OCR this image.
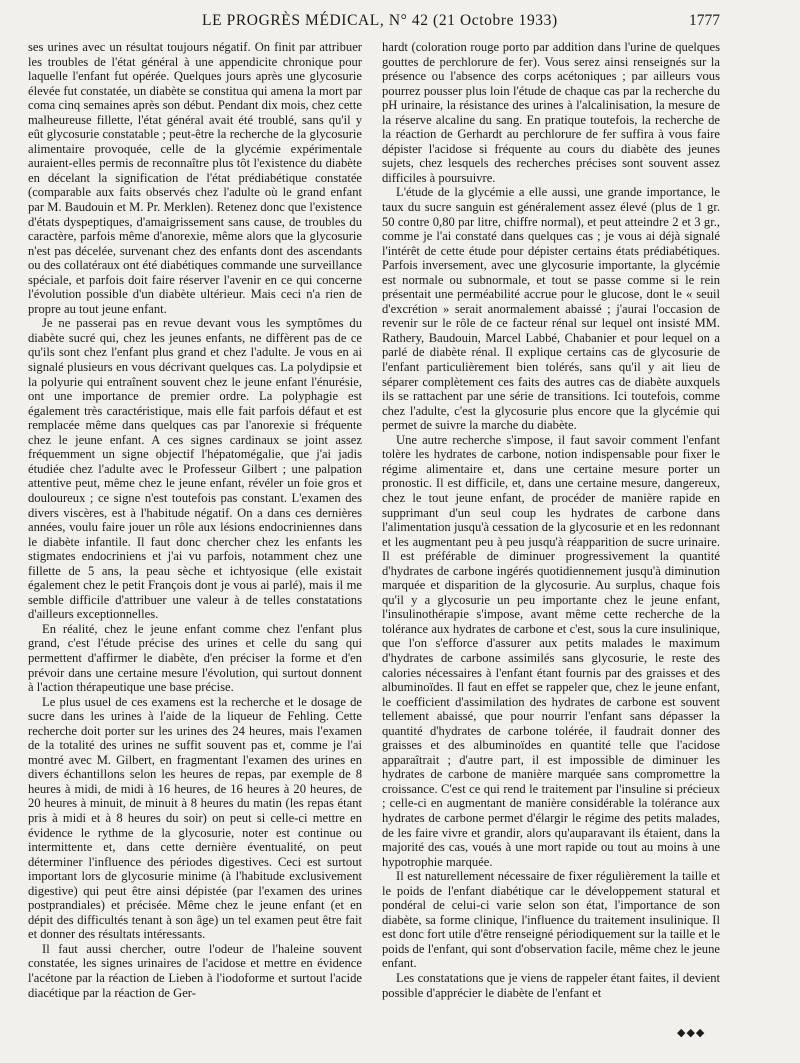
LE PROGRÈS MÉDICAL, N° 42 (21 Octobre 1933)	1777

ses urines avec un résultat toujours négatif. On finit par attribuer les troubles de l'état général à une appendicite chronique pour laquelle l'enfant fut opérée. Quelques jours après une glycosurie élevée fut constatée, un diabète se constitua qui amena la mort par coma cinq semaines après son début. Pendant dix mois, chez cette malheureuse fillette, l'état général avait été troublé, sans qu'il y eût glycosurie constatable ; peut-être la recherche de la glycosurie alimentaire provoquée, celle de la glycémie expérimentale auraient-elles permis de reconnaître plus tôt l'existence du diabète en décelant la signification de l'état prédiabétique constatée (comparable aux faits observés chez l'adulte où le grand enfant par M. Baudouin et M. Pr. Merklen). Retenez donc que l'existence d'états dyspeptiques, d'amaigrissement sans cause, de troubles du caractère, parfois même d'anorexie, même alors que la glycosurie n'est pas décelée, survenant chez des enfants dont des ascendants ou des collatéraux ont été diabétiques commande une surveillance spéciale, et parfois doit faire réserver l'avenir en ce qui concerne l'évolution possible d'un diabète ultérieur. Mais ceci n'a rien de propre au tout jeune enfant.

Je ne passerai pas en revue devant vous les symptômes du diabète sucré qui, chez les jeunes enfants, ne diffèrent pas de ce qu'ils sont chez l'enfant plus grand et chez l'adulte. Je vous en ai signalé plusieurs en vous décrivant quelques cas. La polydipsie et la polyurie qui entraînent souvent chez le jeune enfant l'énurésie, ont une importance de premier ordre. La polyphagie est également très caractéristique, mais elle fait parfois défaut et est remplacée même dans quelques cas par l'anorexie si fréquente chez le jeune enfant. A ces signes cardinaux se joint assez fréquemment un signe objectif l'hépatomégalie, que j'ai jadis étudiée chez l'adulte avec le Professeur Gilbert ; une palpation attentive peut, même chez le jeune enfant, révéler un foie gros et douloureux ; ce signe n'est toutefois pas constant. L'examen des divers viscères, est à l'habitude négatif. On a dans ces dernières années, voulu faire jouer un rôle aux lésions endocriniennes dans le diabète infantile. Il faut donc chercher chez les enfants les stigmates endocriniens et j'ai vu parfois, notamment chez une fillette de 5 ans, la peau sèche et ichtyosique (elle existait également chez le petit François dont je vous ai parlé), mais il me semble difficile d'attribuer une valeur à de telles constatations d'ailleurs exceptionnelles.

En réalité, chez le jeune enfant comme chez l'enfant plus grand, c'est l'étude précise des urines et celle du sang qui permettent d'affirmer le diabète, d'en préciser la forme et d'en prévoir dans une certaine mesure l'évolution, qui surtout donnent à l'action thérapeutique une base précise.

Le plus usuel de ces examens est la recherche et le dosage de sucre dans les urines à l'aide de la liqueur de Fehling. Cette recherche doit porter sur les urines des 24 heures, mais l'examen de la totalité des urines ne suffit souvent pas et, comme je l'ai montré avec M. Gilbert, en fragmentant l'examen des urines en divers échantillons selon les heures de repas, par exemple de 8 heures à midi, de midi à 16 heures, de 16 heures à 20 heures, de 20 heures à minuit, de minuit à 8 heures du matin (les repas étant pris à midi et à 8 heures du soir) on peut si celle-ci mettre en évidence le rythme de la glycosurie, noter est continue ou intermittente et, dans cette dernière éventualité, on peut déterminer l'influence des périodes digestives. Ceci est surtout important lors de glycosurie minime (à l'habitude exclusivement digestive) qui peut être ainsi dépistée (par l'examen des urines postprandiales) et précisée. Même chez le jeune enfant (et en dépit des difficultés tenant à son âge) un tel examen peut être fait et donner des résultats intéressants.

Il faut aussi chercher, outre l'odeur de l'haleine souvent constatée, les signes urinaires de l'acidose et mettre en évidence l'acétone par la réaction de Lieben à l'iodoforme et surtout l'acide diacétique par la réaction de Ger-

hardt (coloration rouge porto par addition dans l'urine de quelques gouttes de perchlorure de fer). Vous serez ainsi renseignés sur la présence ou l'absence des corps acétoniques ; par ailleurs vous pourrez pousser plus loin l'étude de chaque cas par la recherche du pH urinaire, la résistance des urines à l'alcalinisation, la mesure de la réserve alcaline du sang. En pratique toutefois, la recherche de la réaction de Gerhardt au perchlorure de fer suffira à vous faire dépister l'acidose si fréquente au cours du diabète des jeunes sujets, chez lesquels des recherches précises sont souvent assez difficiles à poursuivre.

L'étude de la glycémie a elle aussi, une grande importance, le taux du sucre sanguin est généralement assez élevé (plus de 1 gr. 50 contre 0,80 par litre, chiffre normal), et peut atteindre 2 et 3 gr., comme je l'ai constaté dans quelques cas ; je vous ai déjà signalé l'intérêt de cette étude pour dépister certains états prédiabétiques. Parfois inversement, avec une glycosurie importante, la glycémie est normale ou subnormale, et tout se passe comme si le rein présentait une perméabilité accrue pour le glucose, dont le « seuil d'excrétion » serait anormalement abaissé ; j'aurai l'occasion de revenir sur le rôle de ce facteur rénal sur lequel ont insisté MM. Rathery, Baudouin, Marcel Labbé, Chabanier et pour lequel on a parlé de diabète rénal. Il explique certains cas de glycosurie de l'enfant particulièrement bien tolérés, sans qu'il y ait lieu de séparer complètement ces faits des autres cas de diabète auxquels ils se rattachent par une série de transitions. Ici toutefois, comme chez l'adulte, c'est la glycosurie plus encore que la glycémie qui permet de suivre la marche du diabète.

Une autre recherche s'impose, il faut savoir comment l'enfant tolère les hydrates de carbone, notion indispensable pour fixer le régime alimentaire et, dans une certaine mesure porter un pronostic. Il est difficile, et, dans une certaine mesure, dangereux, chez le tout jeune enfant, de procéder de manière rapide en supprimant d'un seul coup les hydrates de carbone dans l'alimentation jusqu'à cessation de la glycosurie et en les redonnant et les augmentant peu à peu jusqu'à réapparition de sucre urinaire. Il est préférable de diminuer progressivement la quantité d'hydrates de carbone ingérés quotidiennement jusqu'à diminution marquée et disparition de la glycosurie. Au surplus, chaque fois qu'il y a glycosurie un peu importante chez le jeune enfant, l'insulinothérapie s'impose, avant même cette recherche de la tolérance aux hydrates de carbone et c'est, sous la cure insulinique, que l'on s'efforce d'assurer aux petits malades le maximum d'hydrates de carbone assimilés sans glycosurie, le reste des calories nécessaires à l'enfant étant fournis par des graisses et des albuminoïdes. Il faut en effet se rappeler que, chez le jeune enfant, le coefficient d'assimilation des hydrates de carbone est souvent tellement abaissé, que pour nourrir l'enfant sans dépasser la quantité d'hydrates de carbone tolérée, il faudrait donner des graisses et des albuminoïdes en quantité telle que l'acidose apparaîtrait ; d'autre part, il est impossible de diminuer les hydrates de carbone de manière marquée sans compromettre la croissance. C'est ce qui rend le traitement par l'insuline si précieux ; celle-ci en augmentant de manière considérable la tolérance aux hydrates de carbone permet d'élargir le régime des petits malades, de les faire vivre et grandir, alors qu'auparavant ils étaient, dans la majorité des cas, voués à une mort rapide ou tout au moins à une hypotrophie marquée.

Il est naturellement nécessaire de fixer régulièrement la taille et le poids de l'enfant diabétique car le développement statural et pondéral de celui-ci varie selon son état, l'importance de son diabète, sa forme clinique, l'influence du traitement insulinique. Il est donc fort utile d'être renseigné périodiquement sur la taille et le poids de l'enfant, qui sont d'observation facile, même chez le jeune enfant.

Les constatations que je viens de rappeler étant faites, il devient possible d'apprécier le diabète de l'enfant et

◆◆◆
